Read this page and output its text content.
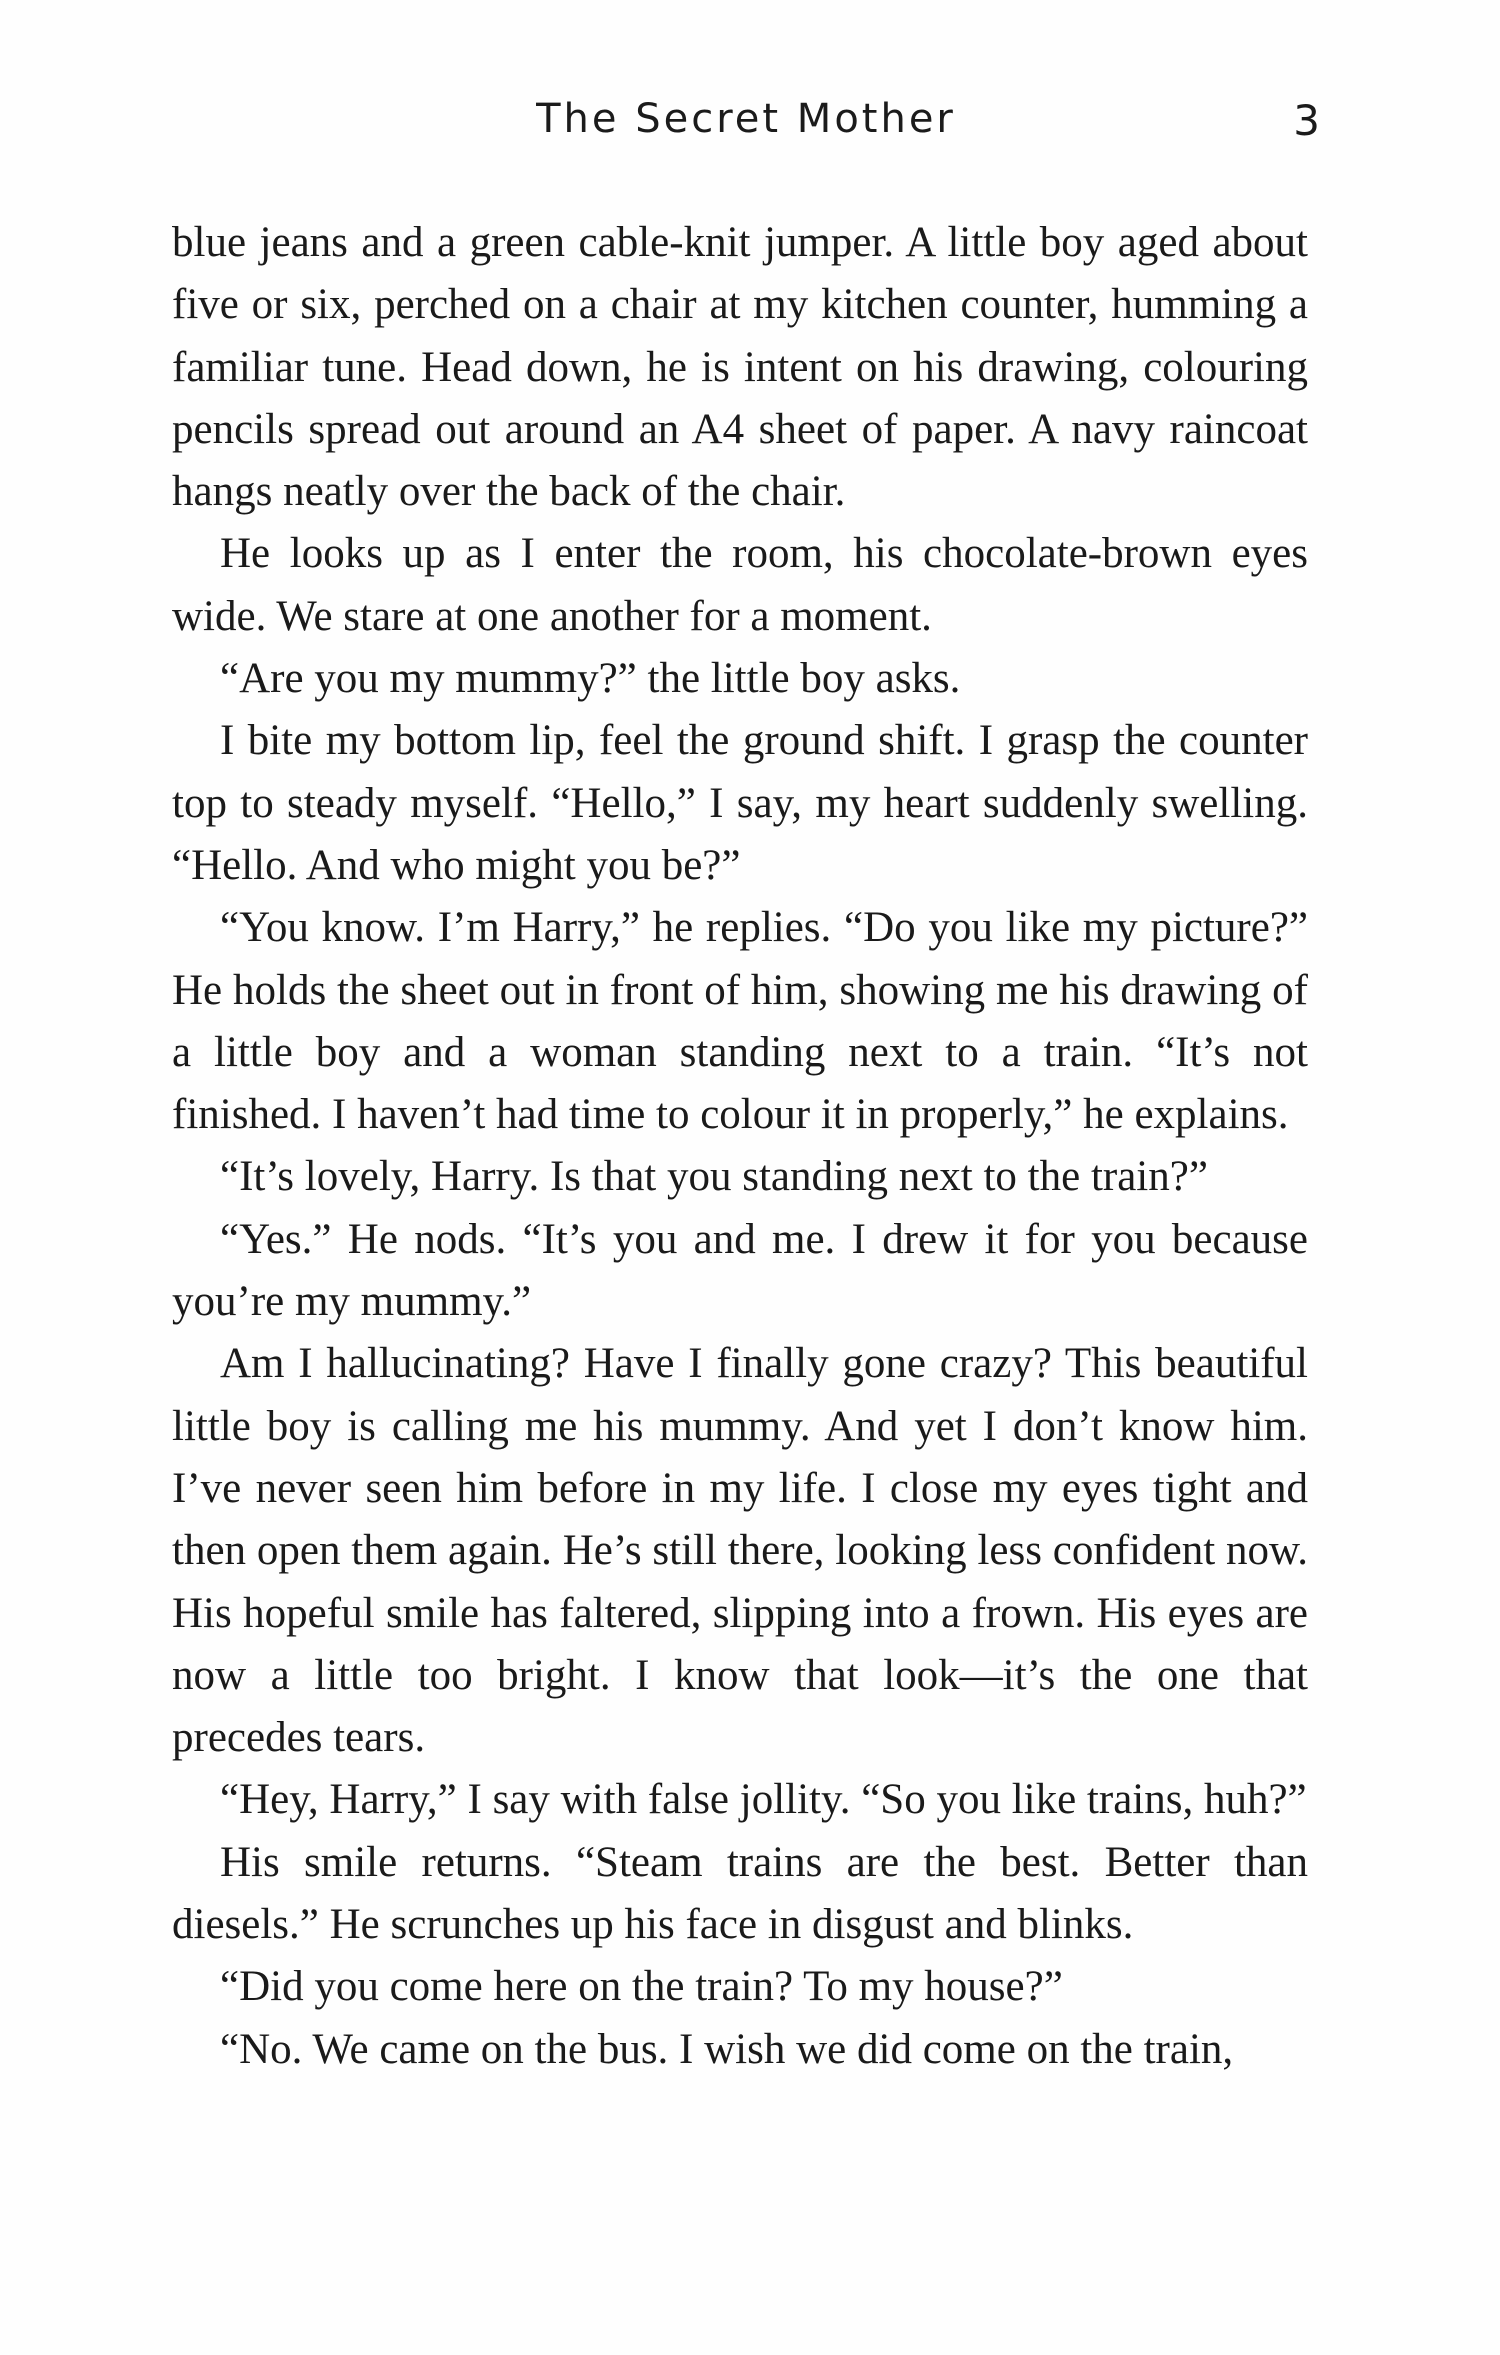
The Secret Mother	3

blue jeans and a green cable-knit jumper. A little boy aged about five or six, perched on a chair at my kitchen counter, humming a familiar tune. Head down, he is intent on his drawing, colouring pencils spread out around an A4 sheet of paper. A navy raincoat hangs neatly over the back of the chair.

He looks up as I enter the room, his chocolate-brown eyes wide. We stare at one another for a moment.

“Are you my mummy?” the little boy asks.

I bite my bottom lip, feel the ground shift. I grasp the counter top to steady myself. “Hello,” I say, my heart suddenly swelling. “Hello. And who might you be?”

“You know. I’m Harry,” he replies. “Do you like my picture?” He holds the sheet out in front of him, showing me his drawing of a little boy and a woman standing next to a train. “It’s not finished. I haven’t had time to colour it in properly,” he explains.

“It’s lovely, Harry. Is that you standing next to the train?”

“Yes.” He nods. “It’s you and me. I drew it for you because you’re my mummy.”

Am I hallucinating? Have I finally gone crazy? This beautiful little boy is calling me his mummy. And yet I don’t know him. I’ve never seen him before in my life. I close my eyes tight and then open them again. He’s still there, looking less confident now. His hopeful smile has faltered, slipping into a frown. His eyes are now a little too bright. I know that look—it’s the one that precedes tears.

“Hey, Harry,” I say with false jollity. “So you like trains, huh?”

His smile returns. “Steam trains are the best. Better than diesels.” He scrunches up his face in disgust and blinks.

“Did you come here on the train? To my house?”

“No. We came on the bus. I wish we did come on the train,
